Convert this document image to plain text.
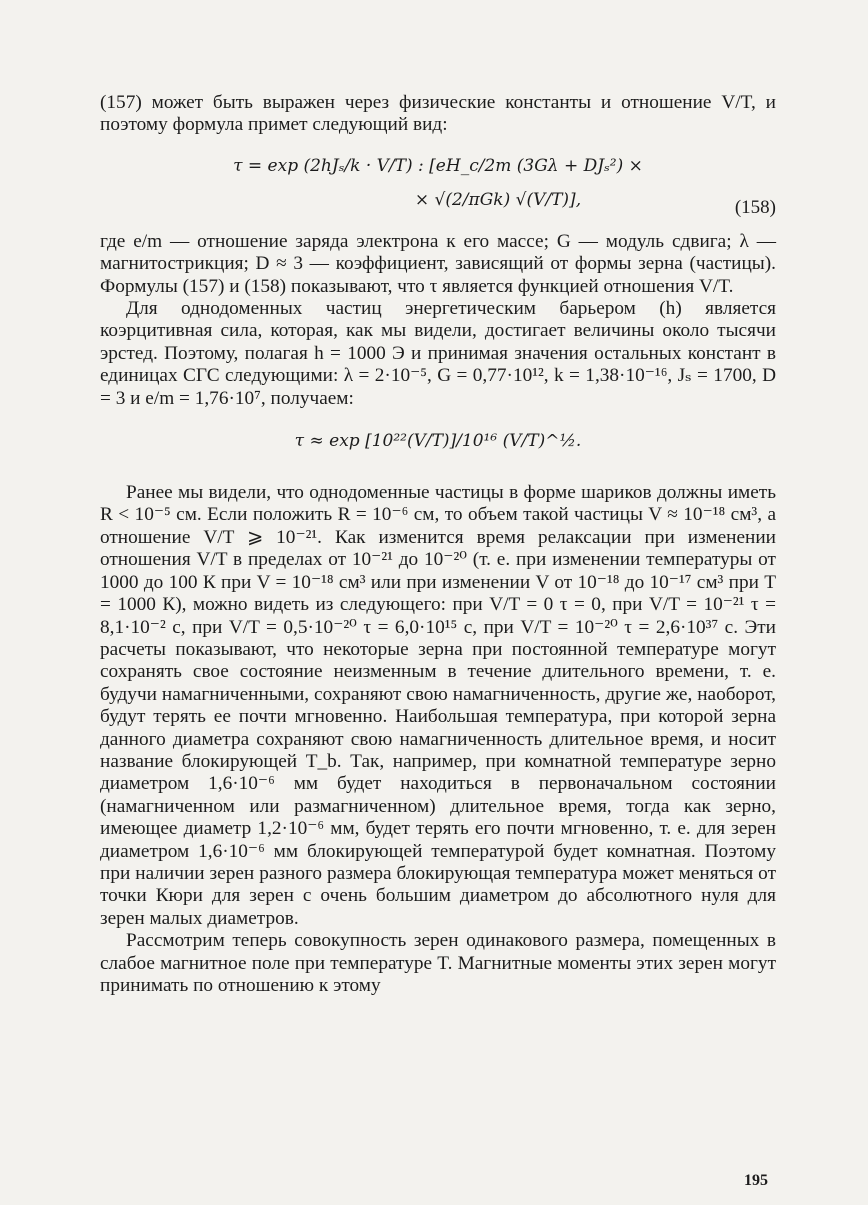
(157) может быть выражен через физические константы и отношение V/T, и поэтому формула примет следующий вид:

τ = exp (2hJₛ/k · V/T) : [eH_c/2m (3Gλ + DJₛ²) ×
× √(2/πGk) √(V/T)],	(158)

где e/m — отношение заряда электрона к его массе; G — модуль сдвига; λ — магнитострикция; D ≈ 3 — коэффициент, зависящий от формы зерна (частицы). Формулы (157) и (158) показывают, что τ является функцией отношения V/T.

Для однодоменных частиц энергетическим барьером (h) является коэрцитивная сила, которая, как мы видели, достигает величины около тысячи эрстед. Поэтому, полагая h = 1000 Э и принимая значения остальных констант в единицах СГС следующими: λ = 2·10⁻⁵, G = 0,77·10¹², k = 1,38·10⁻¹⁶, Jₛ = 1700, D = 3 и e/m = 1,76·10⁷, получаем:

τ ≈ exp [10²²(V/T)]/10¹⁶ (V/T)^½.

Ранее мы видели, что однодоменные частицы в форме шариков должны иметь R < 10⁻⁵ см. Если положить R = 10⁻⁶ см, то объем такой частицы V ≈ 10⁻¹⁸ см³, а отношение V/T ⩾ 10⁻²¹. Как изменится время релаксации при изменении отношения V/T в пределах от 10⁻²¹ до 10⁻²⁰ (т. е. при изменении температуры от 1000 до 100 К при V = 10⁻¹⁸ см³ или при изменении V от 10⁻¹⁸ до 10⁻¹⁷ см³ при T = 1000 К), можно видеть из следующего: при V/T = 0 τ = 0, при V/T = 10⁻²¹ τ = 8,1·10⁻² с, при V/T = 0,5·10⁻²⁰ τ = 6,0·10¹⁵ с, при V/T = 10⁻²⁰ τ = 2,6·10³⁷ с. Эти расчеты показывают, что некоторые зерна при постоянной температуре могут сохранять свое состояние неизменным в течение длительного времени, т. е. будучи намагниченными, сохраняют свою намагниченность, другие же, наоборот, будут терять ее почти мгновенно. Наибольшая температура, при которой зерна данного диаметра сохраняют свою намагниченность длительное время, и носит название блокирующей T_b. Так, например, при комнатной температуре зерно диаметром 1,6·10⁻⁶ мм будет находиться в первоначальном состоянии (намагниченном или размагниченном) длительное время, тогда как зерно, имеющее диаметр 1,2·10⁻⁶ мм, будет терять его почти мгновенно, т. е. для зерен диаметром 1,6·10⁻⁶ мм блокирующей температурой будет комнатная. Поэтому при наличии зерен разного размера блокирующая температура может меняться от точки Кюри для зерен с очень большим диаметром до абсолютного нуля для зерен малых диаметров.

Рассмотрим теперь совокупность зерен одинакового размера, помещенных в слабое магнитное поле при температуре T. Магнитные моменты этих зерен могут принимать по отношению к этому

195
